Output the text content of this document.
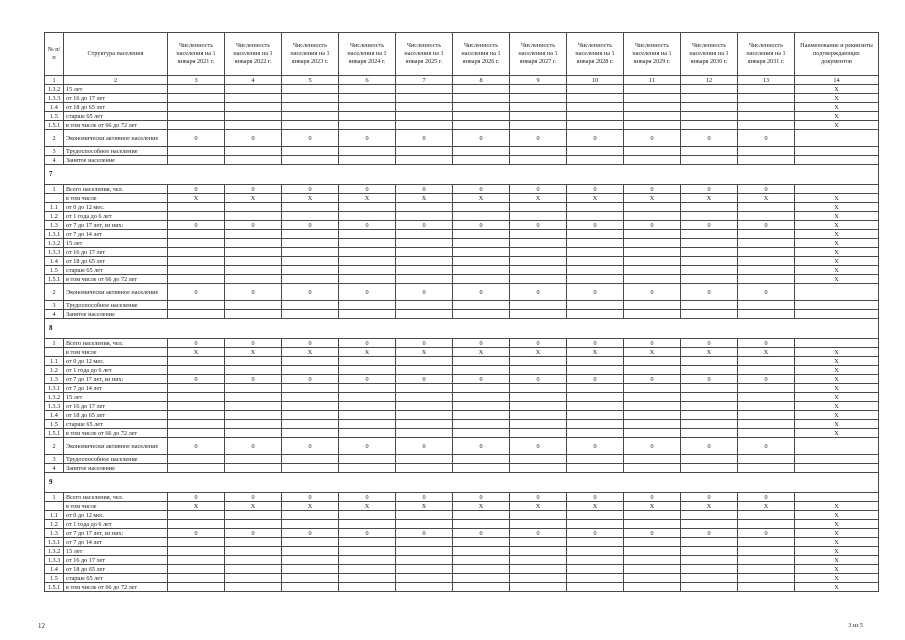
№ п/п	Структура населения	Численность населения на 1 января 2021 г.	Численность населения на 1 января 2022 г.	Численность населения на 1 января 2023 г.	Численность населения на 1 января 2024 г.	Численность населения на 1 января 2025 г.	Численность населения на 1 января 2026 г.	Численность населения на 1 января 2027 г.	Численность населения на 1 января 2028 г.	Численность населения на 1 января 2029 г.	Численность населения на 1 января 2030 г.	Численность населения на 1 января 2031 г.	Наименование и реквизиты подтверждающих документов
1	2	3	4	5	6	7	8	9	10	11	12	13	14
1.3.2	15 лет												X
1.3.3	от 16 до 17 лет												X
1.4	от 18 до 65 лет												X
1.5	старше 65 лет												X
1.5.1	в том числе от 66 до 72 лет												X
2	Экономически активное население	0	0	0	0	0	0	0	0	0	0	0	
3	Трудоспособное население												
4	Занятое население												
7													
1	Всего населения, чел.	0	0	0	0	0	0	0	0	0	0	0	
	в том числе	X	X	X	X	X	X	X	X	X	X	X	X
1.1	от 0 до 12 мес.												X
1.2	от 1 года до 6 лет												X
1.3	от 7 до 17 лет, из них:	0	0	0	0	0	0	0	0	0	0	0	X
1.3.1	от 7 до 14 лет												X
1.3.2	15 лет												X
1.3.3	от 16 до 17 лет												X
1.4	от 18 до 65 лет												X
1.5	старше 65 лет												X
1.5.1	в том числе от 66 до 72 лет												X
2	Экономически активное население	0	0	0	0	0	0	0	0	0	0	0	
3	Трудоспособное население												
4	Занятое население												
8													
1	Всего населения, чел.	0	0	0	0	0	0	0	0	0	0	0	
	в том числе	X	X	X	X	X	X	X	X	X	X	X	X
1.1	от 0 до 12 мес.												X
1.2	от 1 года до 6 лет												X
1.3	от 7 до 17 лет, из них:	0	0	0	0	0	0	0	0	0	0	0	X
1.3.1	от 7 до 14 лет												X
1.3.2	15 лет												X
1.3.3	от 16 до 17 лет												X
1.4	от 18 до 65 лет												X
1.5	старше 65 лет												X
1.5.1	в том числе от 66 до 72 лет												X
2	Экономически активное население	0	0	0	0	0	0	0	0	0	0	0	
3	Трудоспособное население												
4	Занятое население												
9													
1	Всего населения, чел.	0	0	0	0	0	0	0	0	0	0	0	
	в том числе	X	X	X	X	X	X	X	X	X	X	X	X
1.1	от 0 до 12 мес.												X
1.2	от 1 года до 6 лет												X
1.3	от 7 до 17 лет, из них:	0	0	0	0	0	0	0	0	0	0	0	X
1.3.1	от 7 до 14 лет												X
1.3.2	15 лет												X
1.3.3	от 16 до 17 лет												X
1.4	от 18 до 65 лет												X
1.5	старше 65 лет												X
1.5.1	в том числе от 66 до 72 лет												X
12	3 из 5
